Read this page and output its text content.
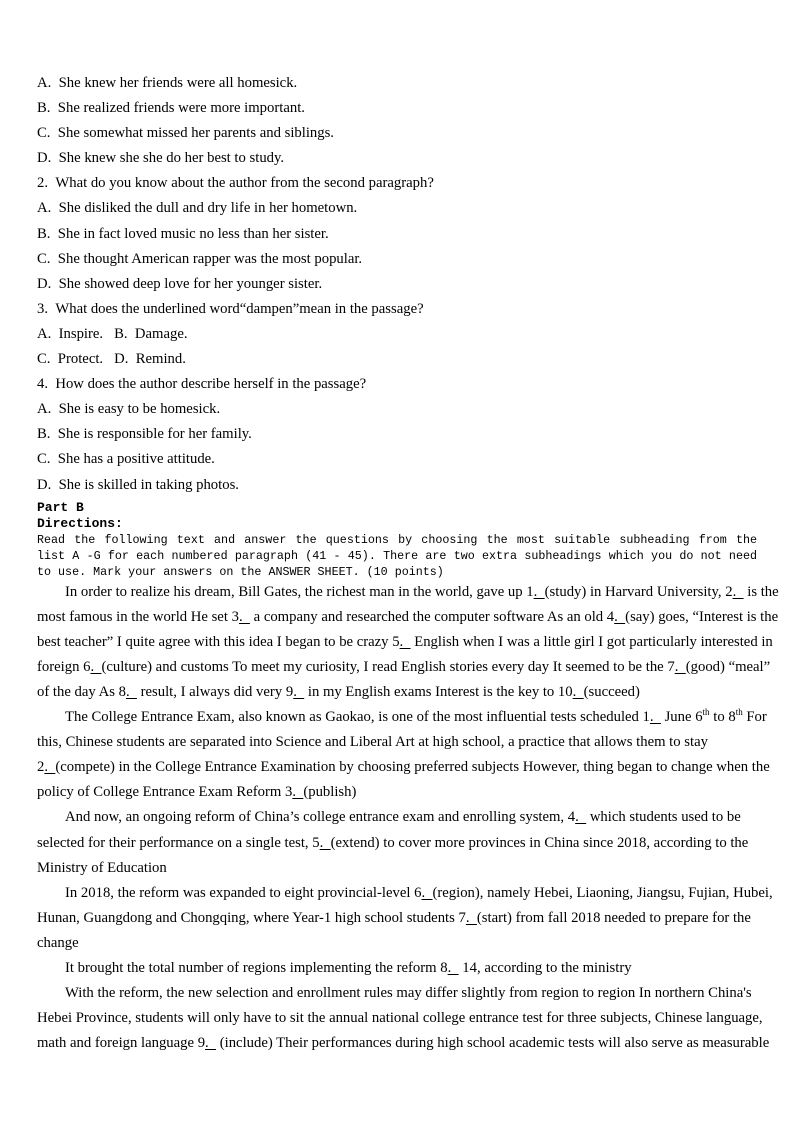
A.  She knew her friends were all homesick.
B.  She realized friends were more important.
C.  She somewhat missed her parents and siblings.
D.  She knew she she do her best to study.
2.  What do you know about the author from the second paragraph?
A.  She disliked the dull and dry life in her hometown.
B.  She in fact loved music no less than her sister.
C.  She thought American rapper was the most popular.
D.  She showed deep love for her younger sister.
3.  What does the underlined word“dampen”mean in the passage?
A.  Inspire.   B.  Damage.
C.  Protect.   D.  Remind.
4.  How does the author describe herself in the passage?
A.  She is easy to be homesick.
B.  She is responsible for her family.
C.  She has a positive attitude.
D.  She is skilled in taking photos.
Part B
Directions:
Read the following text and answer the questions by choosing the most suitable subheading from the
list A -G for each numbered paragraph (41 - 45). There are two extra subheadings which you do not need
to use. Mark your answers on the ANSWER SHEET. (10 points)
In order to realize his dream, Bill Gates, the richest man in the world, gave up 1.  (study) in Harvard University, 2.   is the
most famous in the world He set 3.   a company and researched the computer software As an old 4.  (say) goes, “Interest is the
best teacher” I quite agree with this idea I began to be crazy 5.   English when I was a little girl I got particularly interested in
foreign 6.  (culture) and customs To meet my curiosity, I read English stories every day It seemed to be the 7.  (good) “meal”
of the day As 8.   result, I always did very 9.   in my English exams Interest is the key to 10.  (succeed)
The College Entrance Exam, also known as Gaokao, is one of the most influential tests scheduled 1.   June 6th to 8th For
this, Chinese students are separated into Science and Liberal Art at high school, a practice that allows them to stay
2.  (compete) in the College Entrance Examination by choosing preferred subjects However, thing began to change when the
policy of College Entrance Exam Reform 3.  (publish)
And now, an ongoing reform of China’s college entrance exam and enrolling system, 4.   which students used to be
selected for their performance on a single test, 5.  (extend) to cover more provinces in China since 2018, according to the
Ministry of Education
In 2018, the reform was expanded to eight provincial-level 6.  (region), namely Hebei, Liaoning, Jiangsu, Fujian, Hubei,
Hunan, Guangdong and Chongqing, where Year-1 high school students 7.  (start) from fall 2018 needed to prepare for the
change
It brought the total number of regions implementing the reform 8.   14, according to the ministry
With the reform, the new selection and enrollment rules may differ slightly from region to region In northern China's
Hebei Province, students will only have to sit the annual national college entrance test for three subjects, Chinese language,
math and foreign language 9.   (include) Their performances during high school academic tests will also serve as measurable
